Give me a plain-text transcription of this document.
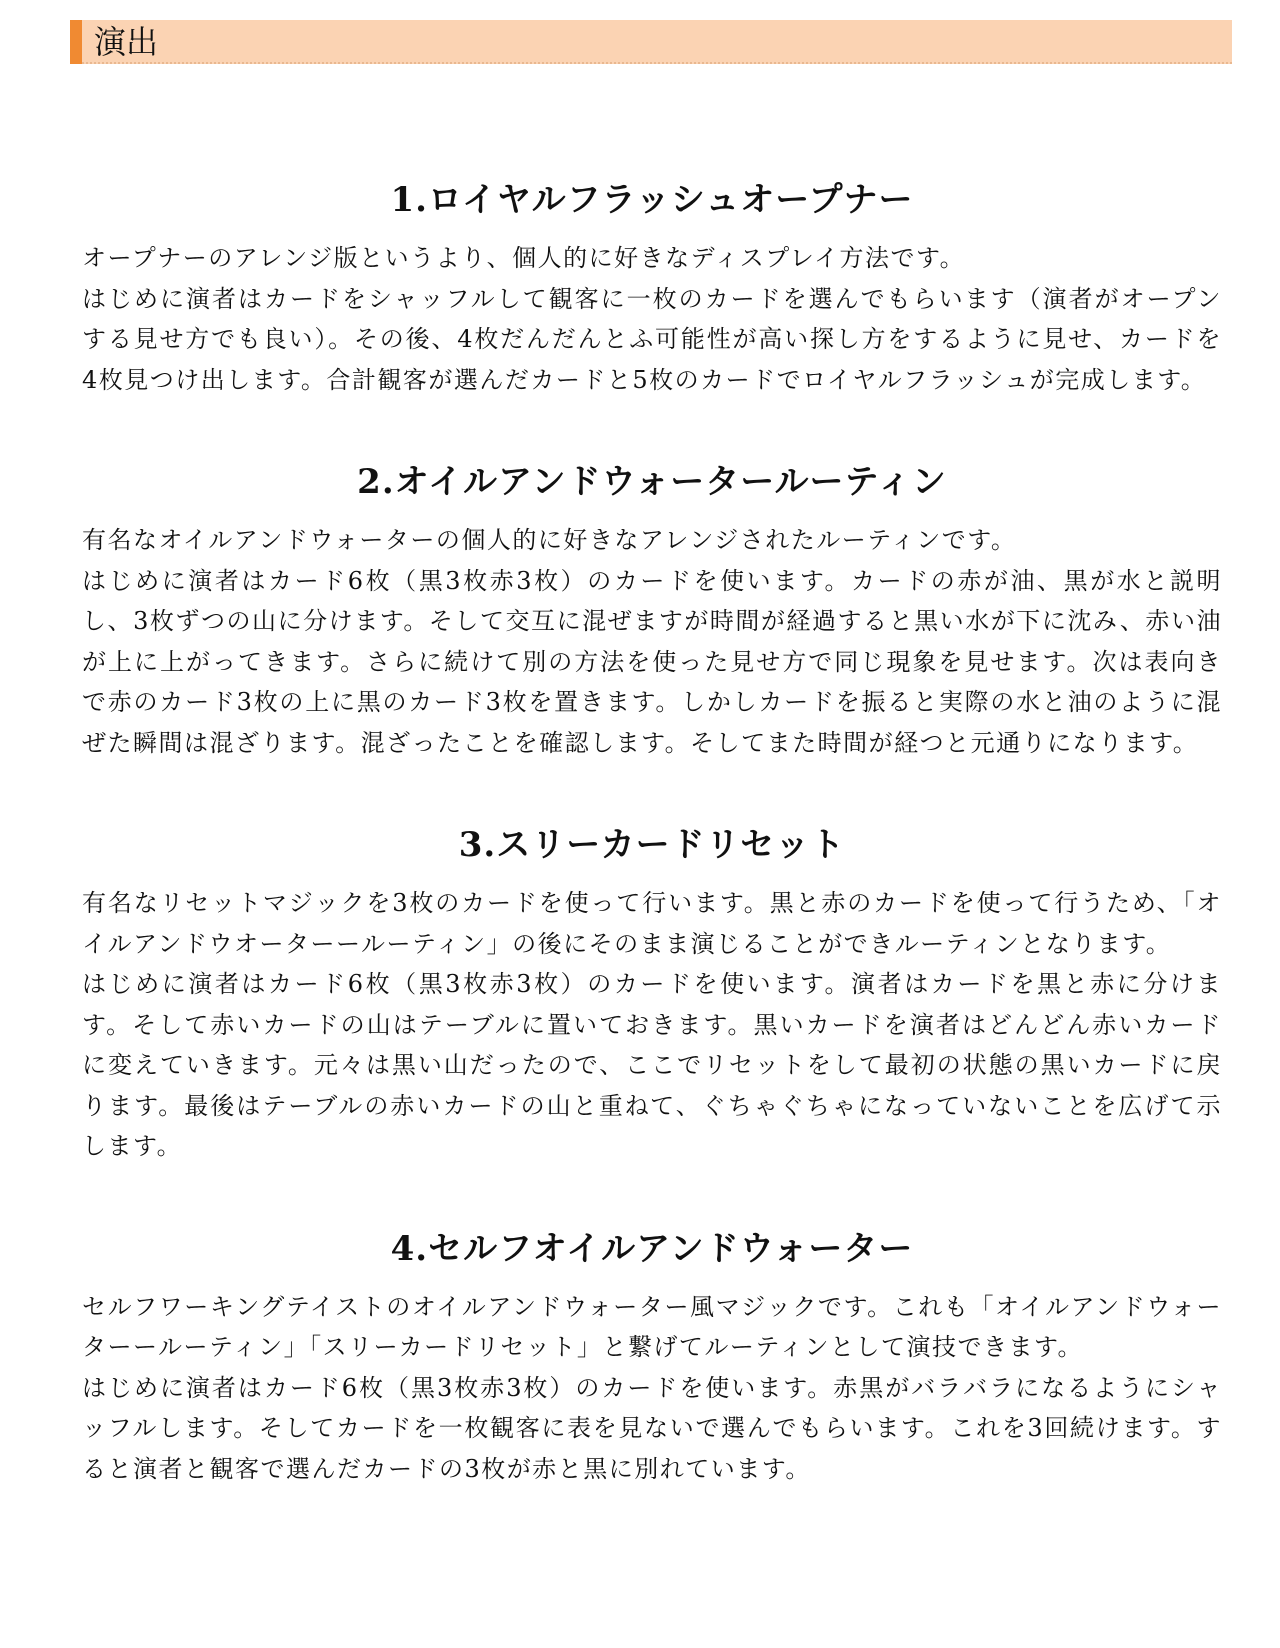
演出
1.ロイヤルフラッシュオープナー

オープナーのアレンジ版というより、個人的に好きなディスプレイ方法です。

はじめに演者はカードをシャッフルして観客に一枚のカードを選んでもらいます（演者がオープンする見せ方でも良い）。その後、4枚だんだんとふ可能性が高い探し方をするように見せ、カードを4枚見つけ出します。合計観客が選んだカードと5枚のカードでロイヤルフラッシュが完成します。

2.オイルアンドウォータールーティン

有名なオイルアンドウォーターの個人的に好きなアレンジされたルーティンです。

はじめに演者はカード6枚（黒3枚赤3枚）のカードを使います。カードの赤が油、黒が水と説明し、3枚ずつの山に分けます。そして交互に混ぜますが時間が経過すると黒い水が下に沈み、赤い油が上に上がってきます。さらに続けて別の方法を使った見せ方で同じ現象を見せます。次は表向きで赤のカード3枚の上に黒のカード3枚を置きます。しかしカードを振ると実際の水と油のように混ぜた瞬間は混ざります。混ざったことを確認します。そしてまた時間が経つと元通りになります。

3.スリーカードリセット

有名なリセットマジックを3枚のカードを使って行います。黒と赤のカードを使って行うため、「オイルアンドウオーターールーティン」の後にそのまま演じることができルーティンとなります。

はじめに演者はカード6枚（黒3枚赤3枚）のカードを使います。演者はカードを黒と赤に分けます。そして赤いカードの山はテーブルに置いておきます。黒いカードを演者はどんどん赤いカードに変えていきます。元々は黒い山だったので、ここでリセットをして最初の状態の黒いカードに戻ります。最後はテーブルの赤いカードの山と重ねて、ぐちゃぐちゃになっていないことを広げて示します。

4.セルフオイルアンドウォーター

セルフワーキングテイストのオイルアンドウォーター風マジックです。これも「オイルアンドウォーターールーティン」「スリーカードリセット」と繋げてルーティンとして演技できます。

はじめに演者はカード6枚（黒3枚赤3枚）のカードを使います。赤黒がバラバラになるようにシャッフルします。そしてカードを一枚観客に表を見ないで選んでもらいます。これを3回続けます。すると演者と観客で選んだカードの3枚が赤と黒に別れています。
